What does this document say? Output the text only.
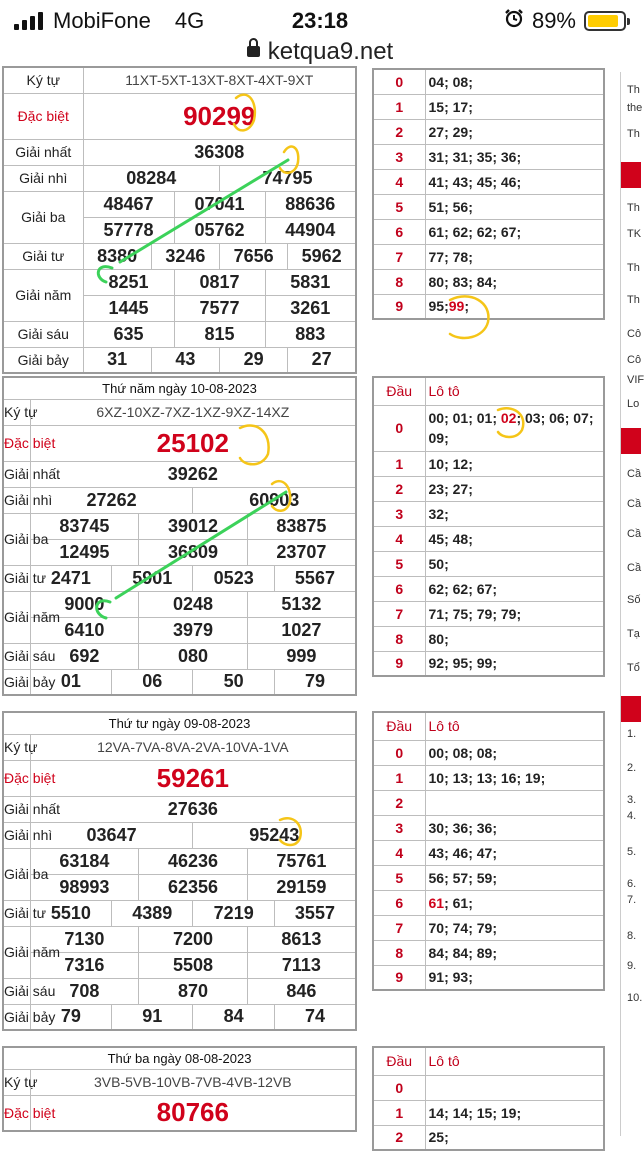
MobiFone 4G	23:18	89%
ketqua9.net
Ký tự	11XT-5XT-13XT-8XT-4XT-9XT					
Đặc biệt	90299					
Giải nhất	36308					
Giải nhì	08284			74795		
Giải ba	48467		07041		88636	
	57778		05762		44904	
Giải tư	8380	3246		7656		5962
Giải năm	8251		0817		5831	
	1445		7577		3261	
Giải sáu	635		815		883	
Giải bảy	31	43		29		27
0	04; 08;
1	15; 17;
2	27; 29;
3	31; 31; 35; 36;
4	41; 43; 45; 46;
5	51; 56;
6	61; 62; 62; 67;
7	77; 78;
8	80; 83; 84;
9	95;99;
Thứ năm ngày 10-08-2023						
Ký tự	6XZ-10XZ-7XZ-1XZ-9XZ-14XZ					
Đặc biệt	25102					
Giải nhất	39262					
Giải nhì	27262			60903		
Giải ba	83745		39012		83875	
	12495		36809		23707	
Giải tư	2471	5901		0523		5567
Giải năm	9000		0248		5132	
	6410		3979		1027	
Giải sáu	692		080		999	
Giải bảy	01	06		50		79
Đầu	Lô tô
0	00; 01; 01; 02; 03; 06; 07; 09;
1	10; 12;
2	23; 27;
3	32;
4	45; 48;
5	50;
6	62; 62; 67;
7	71; 75; 79; 79;
8	80;
9	92; 95; 99;
Thứ tư ngày 09-08-2023						
Ký tự	12VA-7VA-8VA-2VA-10VA-1VA					
Đặc biệt	59261					
Giải nhất	27636					
Giải nhì	03647			95243		
Giải ba	63184		46236		75761	
	98993		62356		29159	
Giải tư	5510	4389		7219		3557
Giải năm	7130		7200		8613	
	7316		5508		7113	
Giải sáu	708		870		846	
Giải bảy	79	91		84		74
Đầu	Lô tô
0	00; 08; 08;
1	10; 13; 13; 16; 19;
2	
3	30; 36; 36;
4	43; 46; 47;
5	56; 57; 59;
6	61; 61;
7	70; 74; 79;
8	84; 84; 89;
9	91; 93;
Thứ ba ngày 08-08-2023	
Ký tự	3VB-5VB-10VB-7VB-4VB-12VB
Đặc biệt	80766
Đầu	Lô tô
0	
1	14; 14; 15; 19;
2	25;
Th
the
Th
Th
TK
Th
Th
Cô
Cô
VIF
Lo
Cầ
Cầ
Cầ
Cầ
Số
Tạ
Tổ
1.
2.
3.
4.
5.
6.
7.
8.
9.
10.
